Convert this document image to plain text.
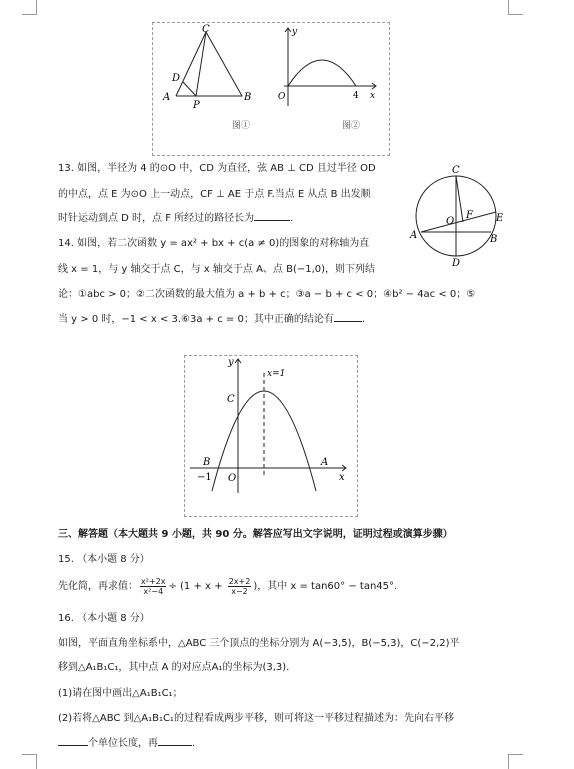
C
D
A
P
B
图①
y
O	4 x
图②
13. 如图，半径为 4 的⊙O 中，CD 为直径，弦 AB ⊥ CD 且过半径 OD
的中点，点 E 为⊙O 上一动点，CF ⊥ AE 于点 F.当点 E 从点 B 出发顺
时针运动到点 D 时，点 F 所经过的路径长为	.
C
F
O	E
A	B
D
14. 如图，若二次函数 y = ax² + bx + c(a ≠ 0)的图象的对称轴为直
线 x = 1，与 y 轴交于点 C，与 x 轴交于点 A、点 B(−1,0)，则下列结
论：①abc > 0；②二次函数的最大值为 a + b + c；③a − b + c < 0；④b² − 4ac < 0；⑤
当 y > 0 时，−1 < x < 3.⑥3a + c = 0；其中正确的结论有	.
y
x=1
C
B
−1 O
A
x
三、解答题（本大题共 9 小题，共 90 分。解答应写出文字说明，证明过程或演算步骤）
15. （本小题 8 分）
先化简，再求值： $\frac{\text{x²+2x}}{\text{x²−4}} \div (1 + x + \frac{2x+2}{x-2}$ )，其中 x = tan60° − tan45°.
16. （本小题 8 分）
如图，平面直角坐标系中，△ABC 三个顶点的坐标分别为 A(−3,5)，B(−5,3)，C(−2,2)平
移到△A₁B₁C₁，其中点 A 的对应点A₁的坐标为(3,3).
(1)请在图中画出△A₁B₁C₁；
(2)若将△ABC 到△A₁B₁C₁的过程看成两步平移，则可将这一平移过程描述为：先向右平移
个单位长度，再	.
